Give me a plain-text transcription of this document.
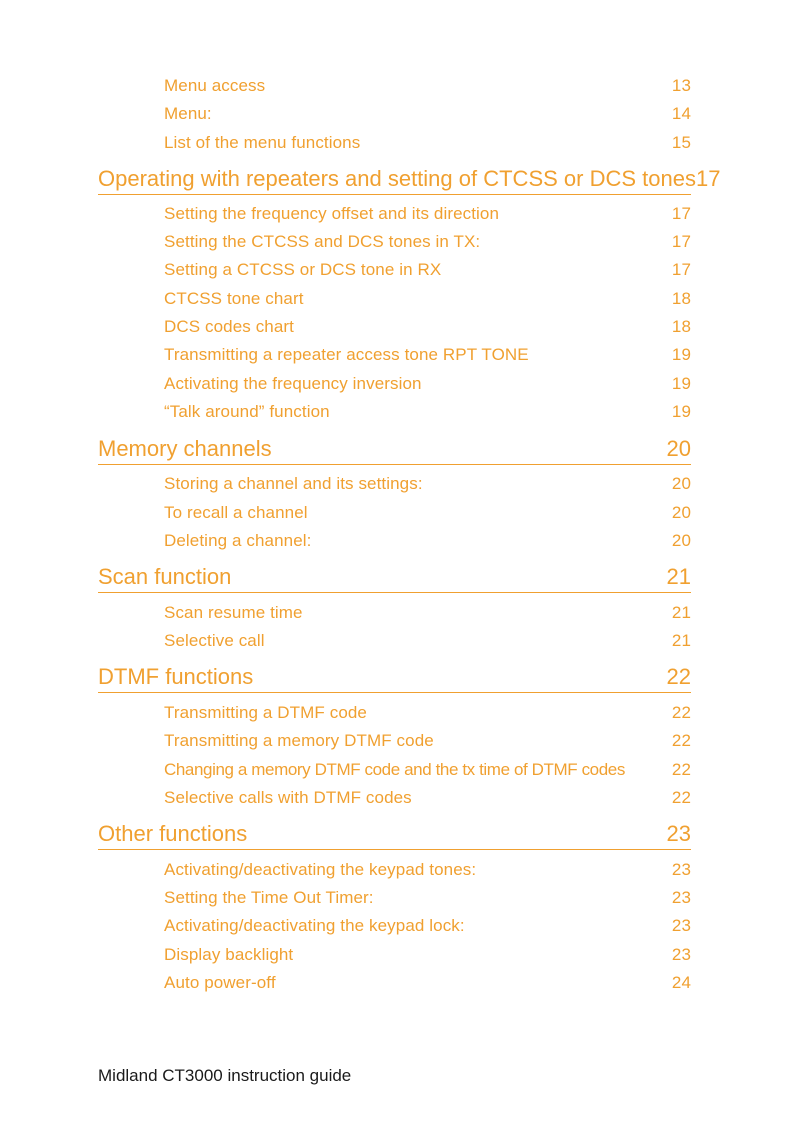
Menu access	13
Menu:	14
List of the menu functions	15
Operating with repeaters and setting of CTCSS or DCS tones 17
Setting the frequency offset and its direction	17
Setting the CTCSS and DCS tones in TX:	17
Setting a CTCSS or DCS tone in RX	17
CTCSS tone chart	18
DCS codes chart	18
Transmitting a repeater access tone RPT TONE	19
Activating the frequency inversion	19
“Talk around” function	19
Memory channels	20
Storing a channel and its settings:	20
To recall a channel	20
Deleting a channel:	20
Scan function	21
Scan resume time	21
Selective call	21
DTMF functions	22
Transmitting a DTMF code	22
Transmitting a memory DTMF code	22
Changing a memory DTMF code and the tx time of DTMF codes	22
Selective calls with DTMF codes	22
Other functions	23
Activating/deactivating the keypad tones:	23
Setting the Time Out Timer:	23
Activating/deactivating the keypad lock:	23
Display backlight	23
Auto power-off	24
Midland CT3000 instruction guide
